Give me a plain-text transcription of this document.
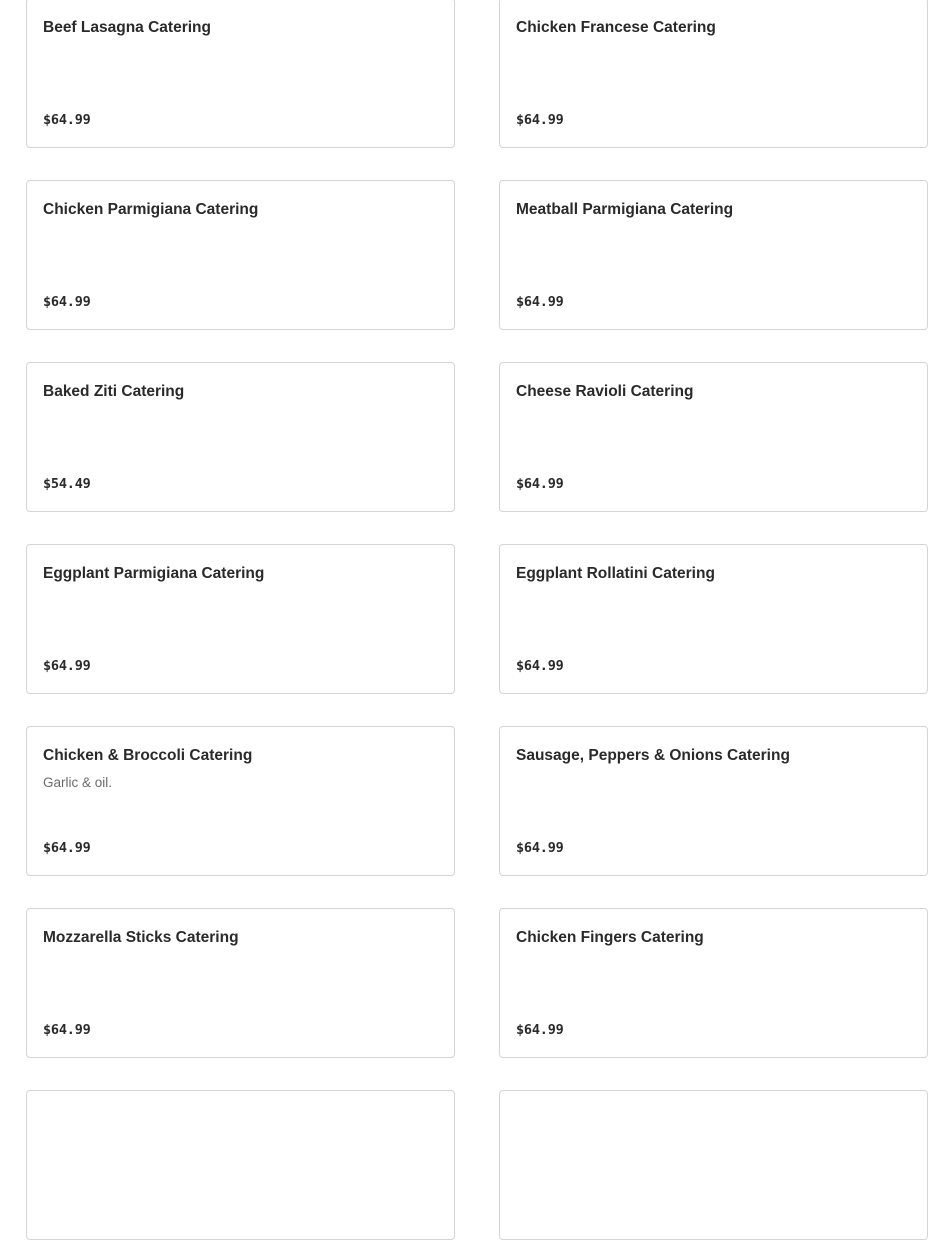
Beef Lasagna Catering
$64.99
Chicken Francese Catering
$64.99
Chicken Parmigiana Catering
$64.99
Meatball Parmigiana Catering
$64.99
Baked Ziti Catering
$54.49
Cheese Ravioli Catering
$64.99
Eggplant Parmigiana Catering
$64.99
Eggplant Rollatini Catering
$64.99
Chicken & Broccoli Catering
Garlic & oil.
$64.99
Sausage, Peppers & Onions Catering
$64.99
Mozzarella Sticks Catering
$64.99
Chicken Fingers Catering
$64.99
